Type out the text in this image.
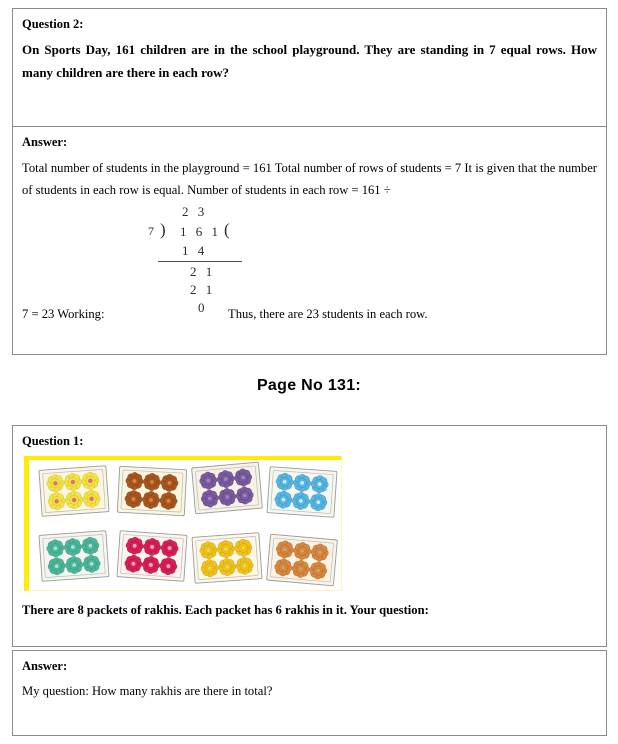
Question 2:

On Sports Day, 161 children are in the school playground. They are standing in 7 equal rows. How many children are there in each row?

Answer:

Total number of students in the playground = 161 Total number of rows of students = 7 It is given that the number of students in each row is equal. Number of students in each row = 161 ÷

2 3
7 ) 1 6 1 (
1 4
2 1
2 1
0
7 = 23 Working:	Thus, there are 23 students in each row.
Page No 131:

Question 1:

There are 8 packets of rakhis. Each packet has 6 rakhis in it. Your question:

Answer:

My question: How many rakhis are there in total?
